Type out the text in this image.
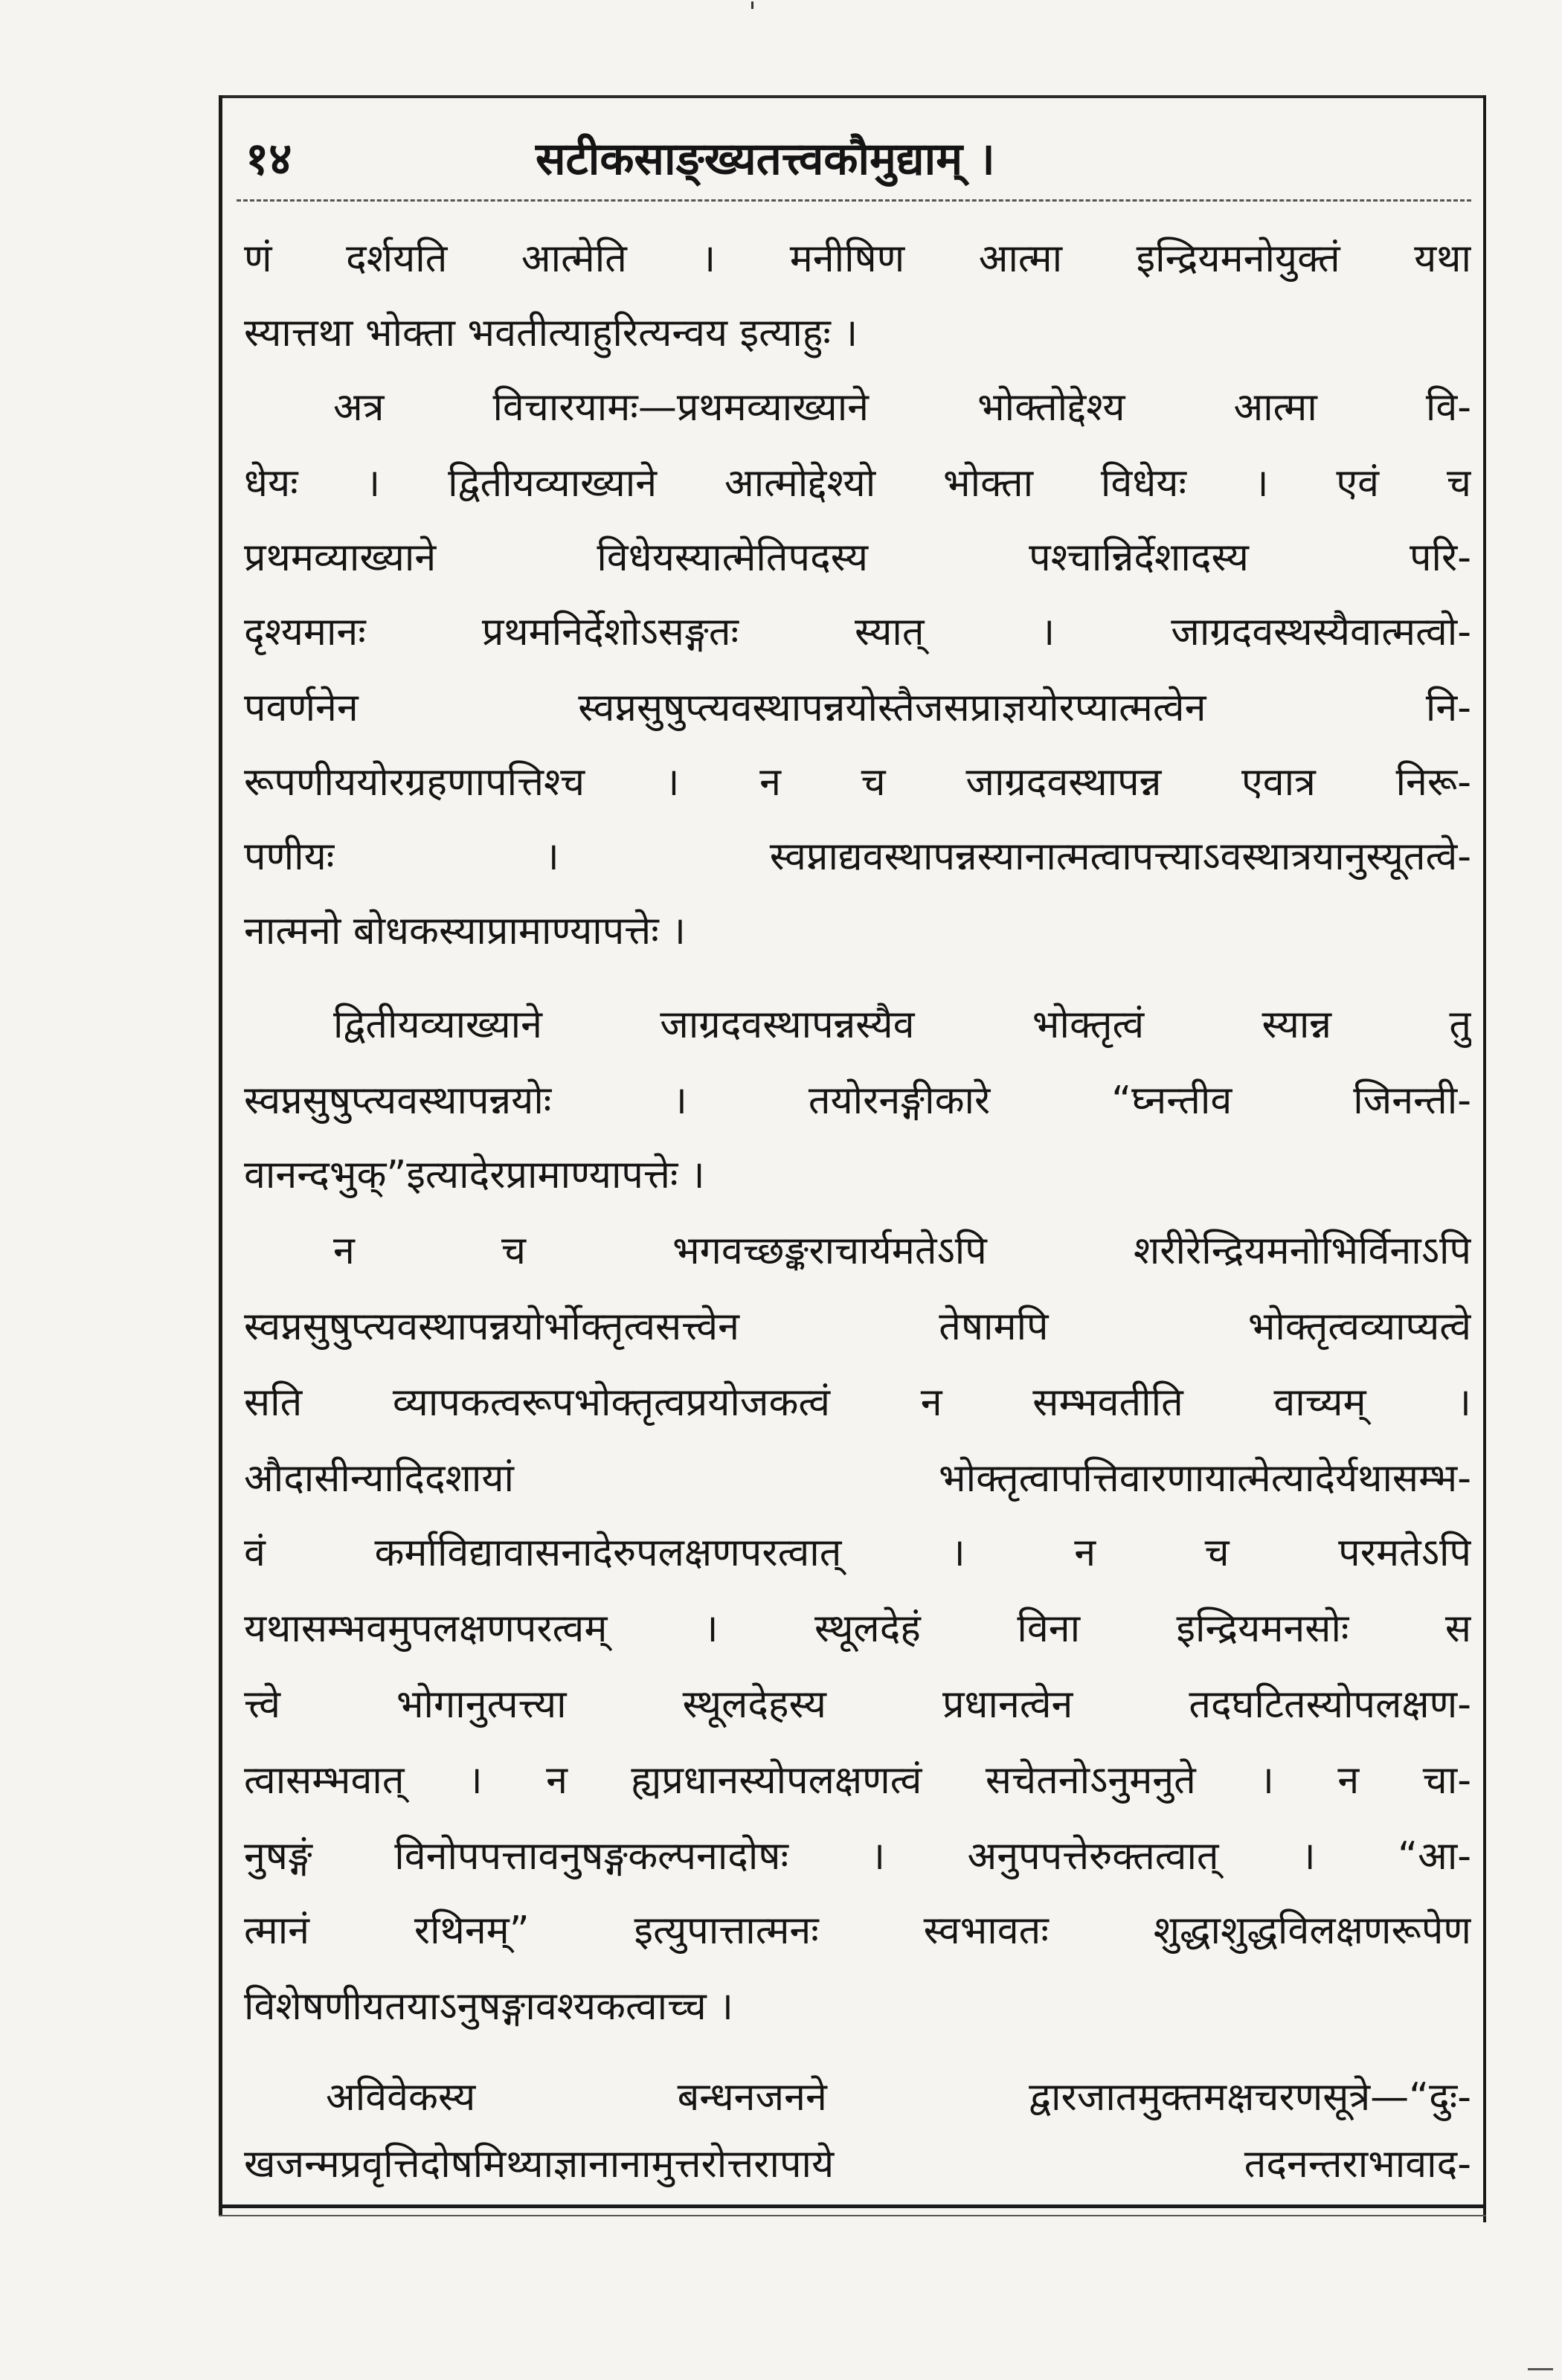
१४	सटीकसाङ्ख्यतत्त्वकौमुद्याम् ।
णं दर्शयति आत्मेति । मनीषिण आत्मा इन्द्रियमनोयुक्तं यथा
स्यात्तथा भोक्ता भवतीत्याहुरित्यन्वय इत्याहुः ।
अत्र विचारयामः—प्रथमव्याख्याने भोक्तोद्देश्य आत्मा वि-
धेयः । द्वितीयव्याख्याने आत्मोद्देश्यो भोक्ता विधेयः । एवं च
प्रथमव्याख्याने विधेयस्यात्मेतिपदस्य पश्चान्निर्देशादस्य परि-
दृश्यमानः प्रथमनिर्देशोऽसङ्गतः स्यात् । जाग्रदवस्थस्यैवात्मत्वो-
पवर्णनेन स्वप्नसुषुप्त्यवस्थापन्नयोस्तैजसप्राज्ञयोरप्यात्मत्वेन नि-
रूपणीययोरग्रहणापत्तिश्च । न च जाग्रदवस्थापन्न एवात्र निरू-
पणीयः । स्वप्नाद्यवस्थापन्नस्यानात्मत्वापत्त्याऽवस्थात्रयानुस्यूतत्वे-
नात्मनो बोधकस्याप्रामाण्यापत्तेः ।
द्वितीयव्याख्याने जाग्रदवस्थापन्नस्यैव भोक्तृत्वं स्यान्न तु
स्वप्नसुषुप्त्यवस्थापन्नयोः । तयोरनङ्गीकारे “घ्नन्तीव जिनन्ती-
वानन्दभुक्”इत्यादेरप्रामाण्यापत्तेः ।
न च भगवच्छङ्कराचार्यमतेऽपि शरीरेन्द्रियमनोभिर्विनाऽपि
स्वप्नसुषुप्त्यवस्थापन्नयोर्भोक्तृत्वसत्त्वेन तेषामपि भोक्तृत्वव्याप्यत्वे
सति व्यापकत्वरूपभोक्तृत्वप्रयोजकत्वं न सम्भवतीति वाच्यम् ।
औदासीन्यादिदशायां भोक्तृत्वापत्तिवारणायात्मेत्यादेर्यथासम्भ-
वं कर्माविद्यावासनादेरुपलक्षणपरत्वात् । न च परमतेऽपि
यथासम्भवमुपलक्षणपरत्वम् । स्थूलदेहं विना इन्द्रियमनसोः स
त्त्वे भोगानुत्पत्त्या स्थूलदेहस्य प्रधानत्वेन तदघटितस्योपलक्षण-
त्वासम्भवात् । न ह्यप्रधानस्योपलक्षणत्वं सचेतनोऽनुमनुते । न चा-
नुषङ्गं विनोपपत्तावनुषङ्गकल्पनादोषः । अनुपपत्तेरुक्तत्वात् । “आ-
त्मानं रथिनम्” इत्युपात्तात्मनः स्वभावतः शुद्धाशुद्धविलक्षणरूपेण
विशेषणीयतयाऽनुषङ्गावश्यकत्वाच्च ।
अविवेकस्य बन्धनजनने द्वारजातमुक्तमक्षचरणसूत्रे—“दुः-
खजन्मप्रवृत्तिदोषमिथ्याज्ञानानामुत्तरोत्तरापाये तदनन्तराभावाद-
